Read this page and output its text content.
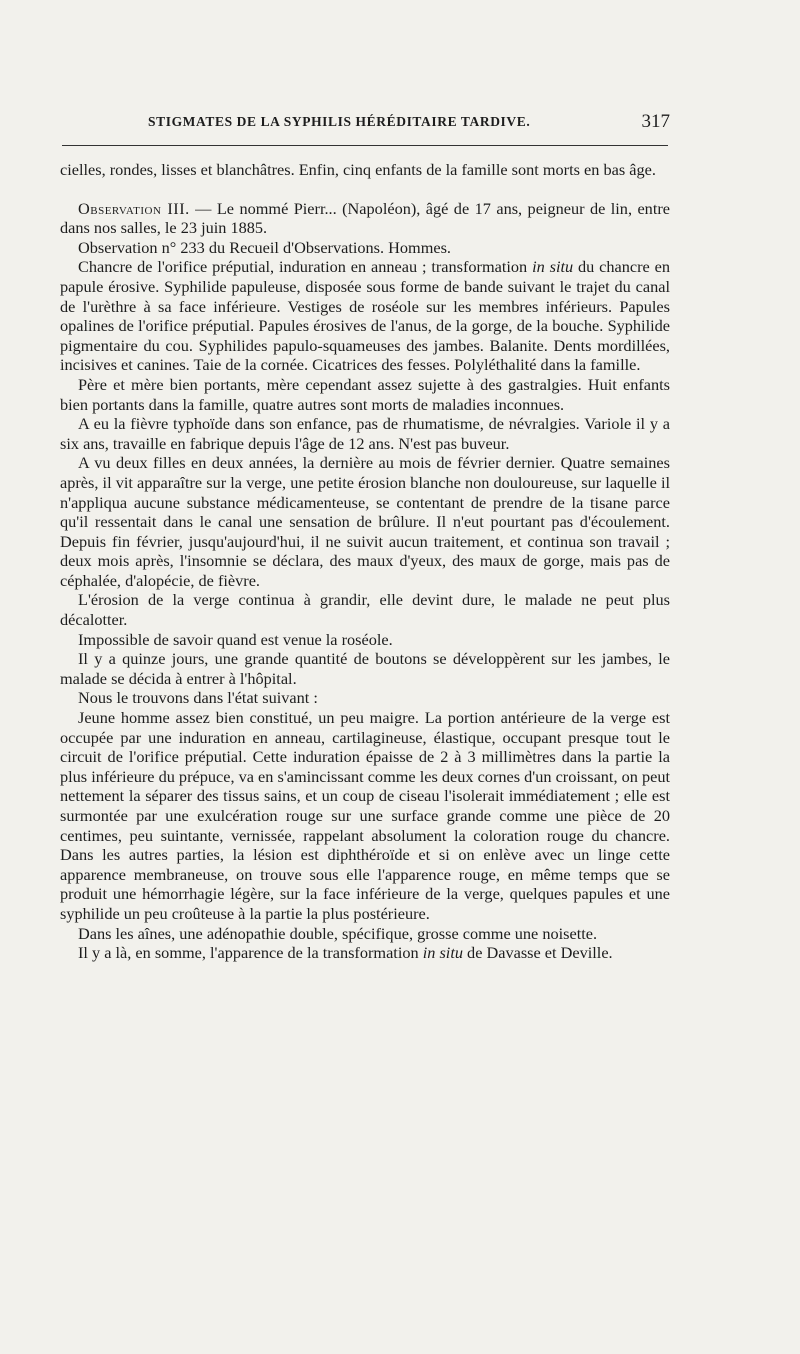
STIGMATES DE LA SYPHILIS HÉRÉDITAIRE TARDIVE.	317

cielles, rondes, lisses et blanchâtres. Enfin, cinq enfants de la famille sont morts en bas âge.

Observation III. — Le nommé Pierr... (Napoléon), âgé de 17 ans, peigneur de lin, entre dans nos salles, le 23 juin 1885.

Observation n° 233 du Recueil d'Observations. Hommes.

Chancre de l'orifice préputial, induration en anneau ; transformation in situ du chancre en papule érosive. Syphilide papuleuse, disposée sous forme de bande suivant le trajet du canal de l'urèthre à sa face inférieure. Vestiges de roséole sur les membres inférieurs. Papules opalines de l'orifice préputial. Papules érosives de l'anus, de la gorge, de la bouche. Syphilide pigmentaire du cou. Syphilides papulo-squameuses des jambes. Balanite. Dents mordillées, incisives et canines. Taie de la cornée. Cicatrices des fesses. Polyléthalité dans la famille.

Père et mère bien portants, mère cependant assez sujette à des gastralgies. Huit enfants bien portants dans la famille, quatre autres sont morts de maladies inconnues.

A eu la fièvre typhoïde dans son enfance, pas de rhumatisme, de névralgies. Variole il y a six ans, travaille en fabrique depuis l'âge de 12 ans. N'est pas buveur.

A vu deux filles en deux années, la dernière au mois de février dernier. Quatre semaines après, il vit apparaître sur la verge, une petite érosion blanche non douloureuse, sur laquelle il n'appliqua aucune substance médicamenteuse, se contentant de prendre de la tisane parce qu'il ressentait dans le canal une sensation de brûlure. Il n'eut pourtant pas d'écoulement. Depuis fin février, jusqu'aujourd'hui, il ne suivit aucun traitement, et continua son travail ; deux mois après, l'insomnie se déclara, des maux d'yeux, des maux de gorge, mais pas de céphalée, d'alopécie, de fièvre.

L'érosion de la verge continua à grandir, elle devint dure, le malade ne peut plus décalotter.

Impossible de savoir quand est venue la roséole.

Il y a quinze jours, une grande quantité de boutons se développèrent sur les jambes, le malade se décida à entrer à l'hôpital.

Nous le trouvons dans l'état suivant :

Jeune homme assez bien constitué, un peu maigre. La portion antérieure de la verge est occupée par une induration en anneau, cartilagineuse, élastique, occupant presque tout le circuit de l'orifice préputial. Cette induration épaisse de 2 à 3 millimètres dans la partie la plus inférieure du prépuce, va en s'amincissant comme les deux cornes d'un croissant, on peut nettement la séparer des tissus sains, et un coup de ciseau l'isolerait immédiatement ; elle est surmontée par une exulcération rouge sur une surface grande comme une pièce de 20 centimes, peu suintante, vernissée, rappelant absolument la coloration rouge du chancre. Dans les autres parties, la lésion est diphthéroïde et si on enlève avec un linge cette apparence membraneuse, on trouve sous elle l'apparence rouge, en même temps que se produit une hémorrhagie légère, sur la face inférieure de la verge, quelques papules et une syphilide un peu croûteuse à la partie la plus postérieure.

Dans les aînes, une adénopathie double, spécifique, grosse comme une noisette.

Il y a là, en somme, l'apparence de la transformation in situ de Davasse et Deville.
